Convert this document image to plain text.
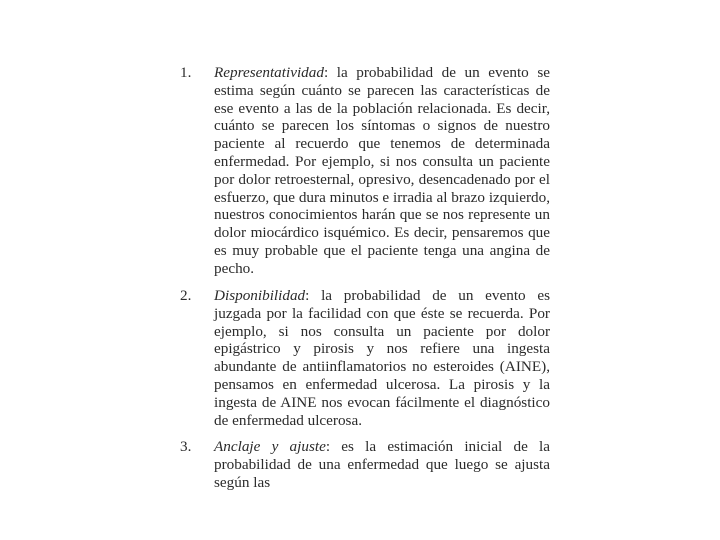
1.	Representatividad: la probabilidad de un evento se estima según cuánto se parecen las características de ese evento a las de la población relacionada. Es decir, cuánto se parecen los síntomas o signos de nuestro paciente al recuerdo que tenemos de determinada enfermedad. Por ejemplo, si nos consulta un paciente por dolor retroesternal, opresivo, desencadenado por el esfuerzo, que dura minutos e irradia al brazo izquierdo, nuestros conocimientos harán que se nos represente un dolor miocárdico isquémico. Es decir, pensaremos que es muy probable que el paciente tenga una angina de pecho.
2.	Disponibilidad: la probabilidad de un evento es juzgada por la facilidad con que éste se recuerda. Por ejemplo, si nos consulta un paciente por dolor epigástrico y pirosis y nos refiere una ingesta abundante de antiinflamatorios no esteroides (AINE), pensamos en enfermedad ulcerosa. La pirosis y la ingesta de AINE nos evocan fácilmente el diagnóstico de enfermedad ulcerosa.
3.	Anclaje y ajuste: es la estimación inicial de la probabilidad de una enfermedad que luego se ajusta según las
